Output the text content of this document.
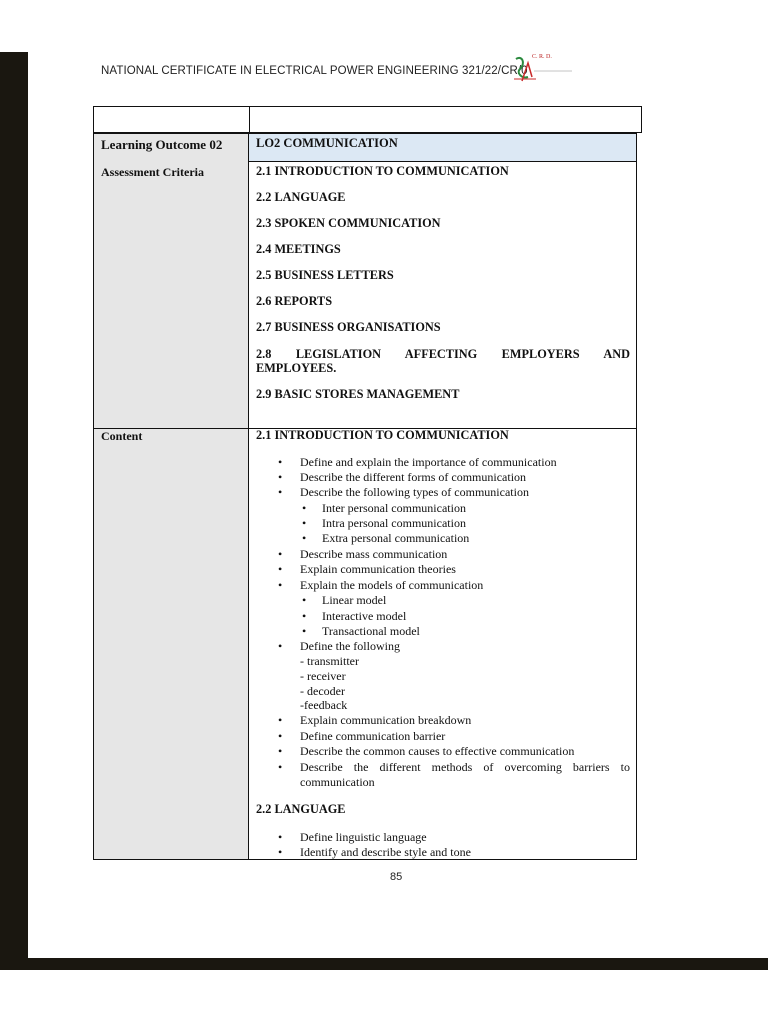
NATIONAL CERTIFICATE IN ELECTRICAL POWER ENGINEERING 321/22/CR/0
C. R. D.
Learning Outcome 02	LO2 COMMUNICATION
Assessment Criteria	2.1 INTRODUCTION TO COMMUNICATION
2.2 LANGUAGE
2.3 SPOKEN COMMUNICATION
2.4 MEETINGS
2.5 BUSINESS LETTERS
2.6 REPORTS
2.7 BUSINESS ORGANISATIONS
2.8 LEGISLATION AFFECTING EMPLOYERS AND
EMPLOYEES.
2.9 BASIC STORES MANAGEMENT
Content	2.1 INTRODUCTION TO COMMUNICATION
• Define and explain the importance of communication
• Describe the different forms of communication
• Describe the following types of communication
• Inter personal communication
• Intra personal communication
• Extra personal communication
• Describe mass communication
• Explain communication theories
• Explain the models of communication
• Linear model
• Interactive model
• Transactional model
• Define the following
- transmitter
- receiver
- decoder
-feedback
• Explain communication breakdown
• Define communication barrier
• Describe the common causes to effective communication
• Describe the different methods of overcoming barriers to
communication
2.2 LANGUAGE
• Define linguistic language
• Identify and describe style and tone
85
